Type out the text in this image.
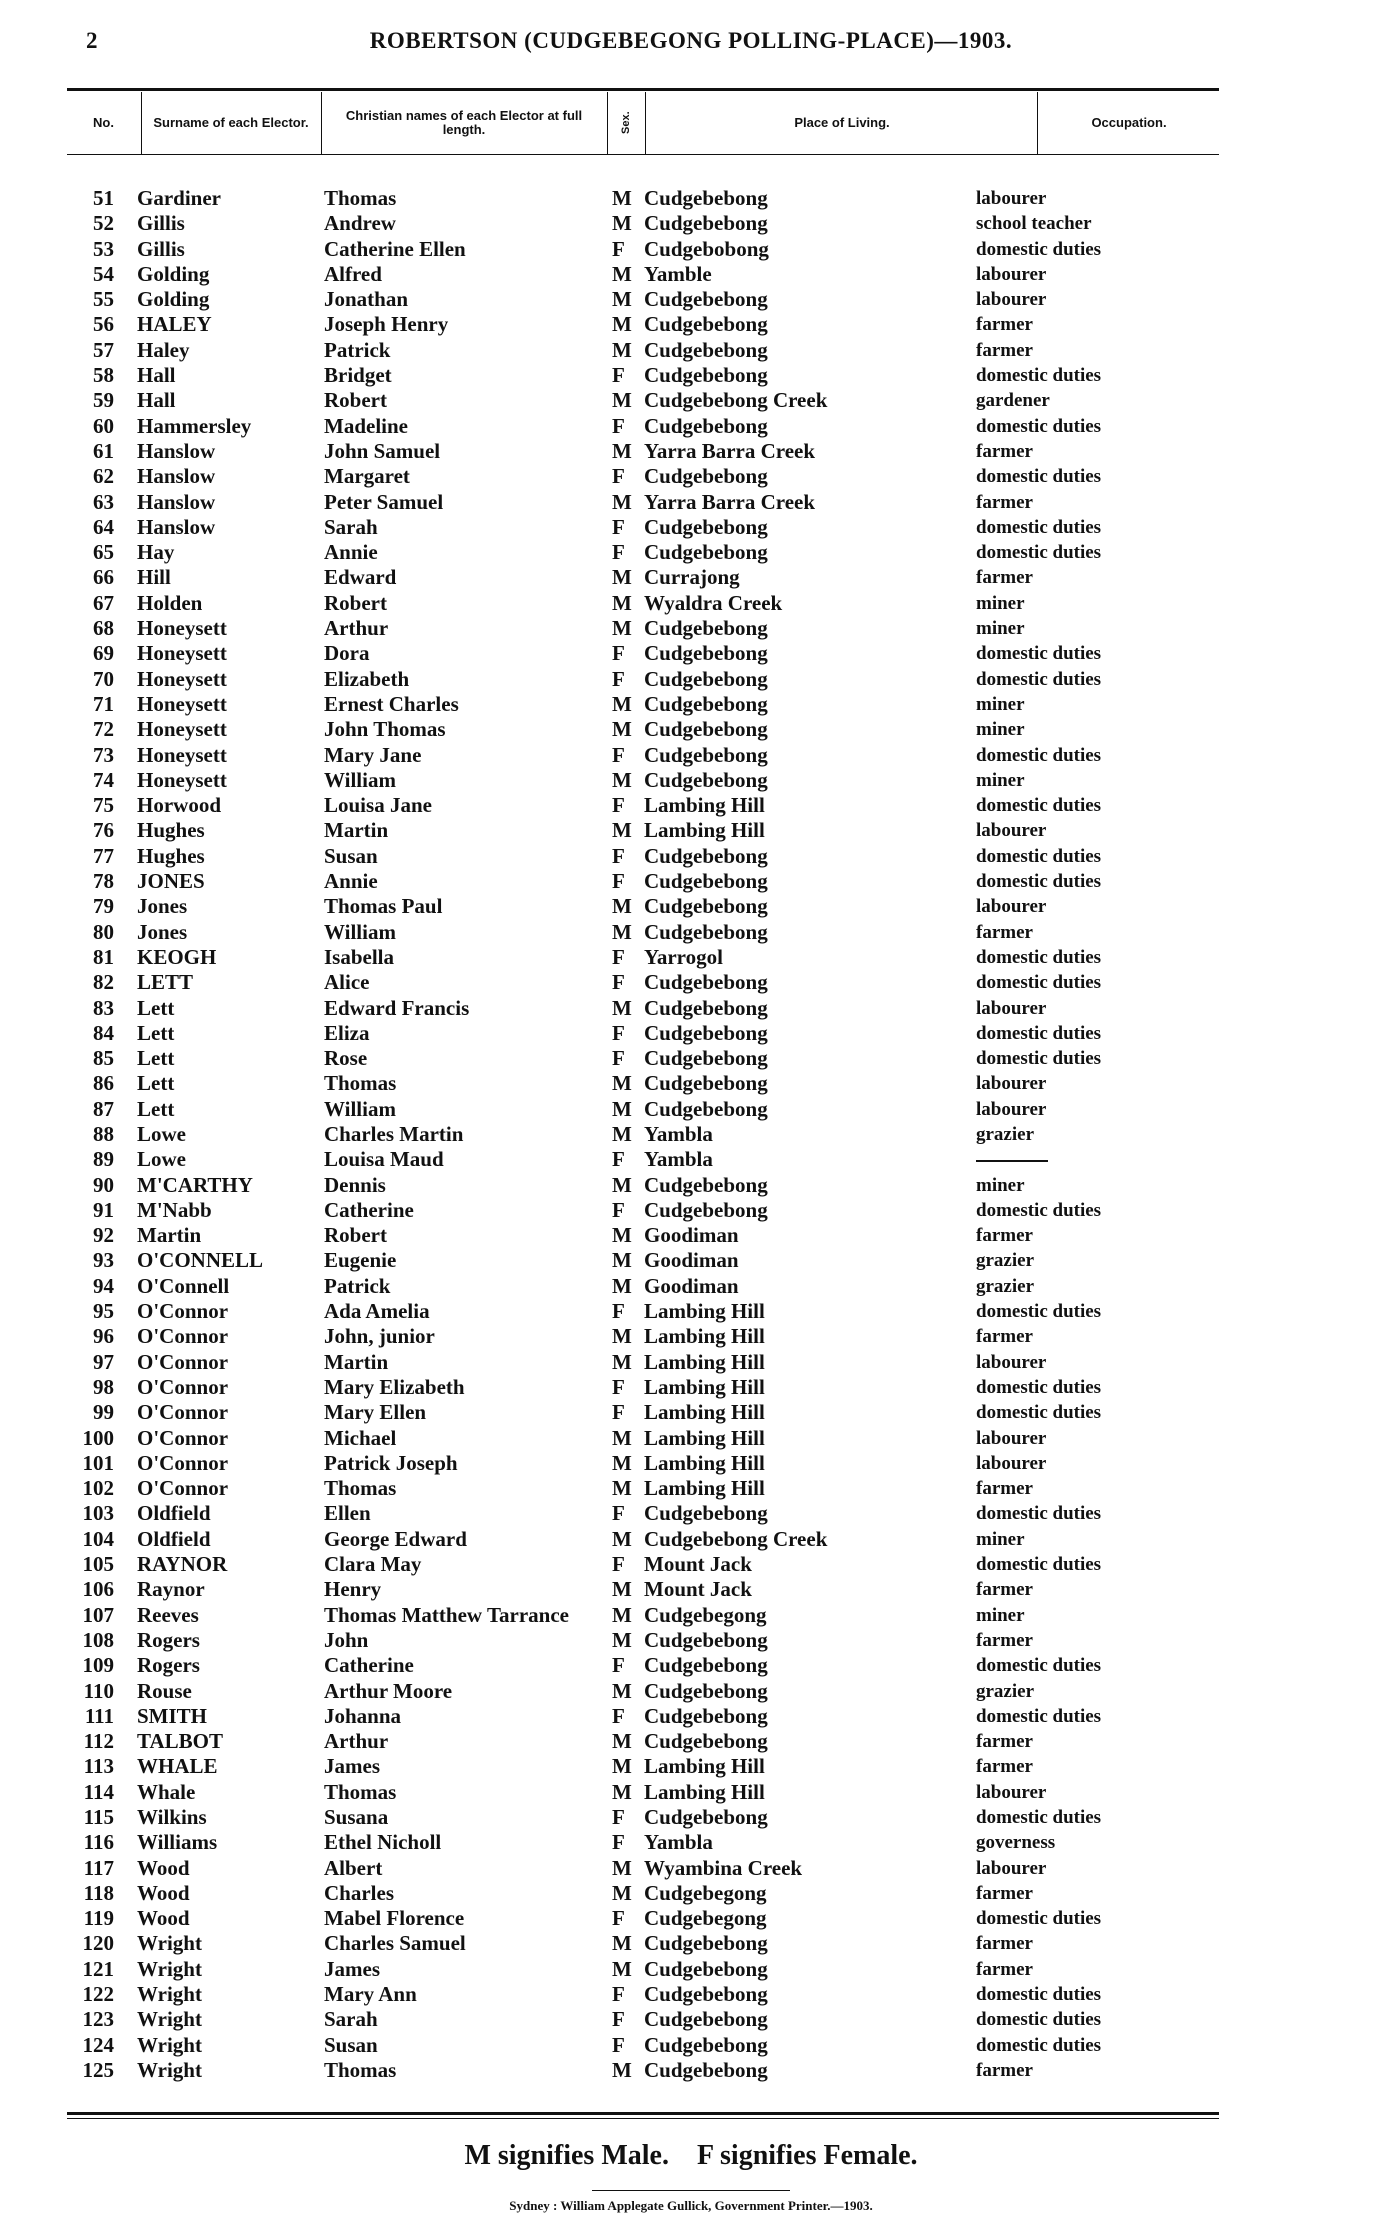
2	ROBERTSON (CUDGEBEGONG POLLING-PLACE)—1903.
No.	Surname of each Elector.	Christian names of each Elector at full length.	Sex.	Place of Living.	Occupation.
51 Gardiner	Thomas	M Cudgebebong	labourer
52 Gillis	Andrew	M Cudgebebong	school teacher
53 Gillis	Catherine Ellen	F Cudgebobong	domestic duties
54 Golding	Alfred	M Yamble	labourer
55 Golding	Jonathan	M Cudgebebong	labourer
56 HALEY	Joseph Henry	M Cudgebebong	farmer
57 Haley	Patrick	M Cudgebebong	farmer
58 Hall	Bridget	F Cudgebebong	domestic duties
59 Hall	Robert	M Cudgebebong Creek	gardener
60 Hammersley	Madeline	F Cudgebebong	domestic duties
61 Hanslow	John Samuel	M Yarra Barra Creek	farmer
62 Hanslow	Margaret	F Cudgebebong	domestic duties
63 Hanslow	Peter Samuel	M Yarra Barra Creek	farmer
64 Hanslow	Sarah	F Cudgebebong	domestic duties
65 Hay	Annie	F Cudgebebong	domestic duties
66 Hill	Edward	M Currajong	farmer
67 Holden	Robert	M Wyaldra Creek	miner
68 Honeysett	Arthur	M Cudgebebong	miner
69 Honeysett	Dora	F Cudgebebong	domestic duties
70 Honeysett	Elizabeth	F Cudgebebong	domestic duties
71 Honeysett	Ernest Charles	M Cudgebebong	miner
72 Honeysett	John Thomas	M Cudgebebong	miner
73 Honeysett	Mary Jane	F Cudgebebong	domestic duties
74 Honeysett	William	M Cudgebebong	miner
75 Horwood	Louisa Jane	F Lambing Hill	domestic duties
76 Hughes	Martin	M Lambing Hill	labourer
77 Hughes	Susan	F Cudgebebong	domestic duties
78 JONES	Annie	F Cudgebebong	domestic duties
79 Jones	Thomas Paul	M Cudgebebong	labourer
80 Jones	William	M Cudgebebong	farmer
81 KEOGH	Isabella	F Yarrogol	domestic duties
82 LETT	Alice	F Cudgebebong	domestic duties
83 Lett	Edward Francis	M Cudgebebong	labourer
84 Lett	Eliza	F Cudgebebong	domestic duties
85 Lett	Rose	F Cudgebebong	domestic duties
86 Lett	Thomas	M Cudgebebong	labourer
87 Lett	William	M Cudgebebong	labourer
88 Lowe	Charles Martin	M Yambla	grazier
89 Lowe	Louisa Maud	F Yambla
90 M'CARTHY	Dennis	M Cudgebebong	miner
91 M'Nabb	Catherine	F Cudgebebong	domestic duties
92 Martin	Robert	M Goodiman	farmer
93 O'CONNELL	Eugenie	M Goodiman	grazier
94 O'Connell	Patrick	M Goodiman	grazier
95 O'Connor	Ada Amelia	F Lambing Hill	domestic duties
96 O'Connor	John, junior	M Lambing Hill	farmer
97 O'Connor	Martin	M Lambing Hill	labourer
98 O'Connor	Mary Elizabeth	F Lambing Hill	domestic duties
99 O'Connor	Mary Ellen	F Lambing Hill	domestic duties
100 O'Connor	Michael	M Lambing Hill	labourer
101 O'Connor	Patrick Joseph	M Lambing Hill	labourer
102 O'Connor	Thomas	M Lambing Hill	farmer
103 Oldfield	Ellen	F Cudgebebong	domestic duties
104 Oldfield	George Edward	M Cudgebebong Creek	miner
105 RAYNOR	Clara May	F Mount Jack	domestic duties
106 Raynor	Henry	M Mount Jack	farmer
107 Reeves	Thomas Matthew Tarrance M Cudgebegong	miner
108 Rogers	John	M Cudgebebong	farmer
109 Rogers	Catherine	F Cudgebebong	domestic duties
110 Rouse	Arthur Moore	M Cudgebebong	grazier
111 SMITH	Johanna	F Cudgebebong	domestic duties
112 TALBOT	Arthur	M Cudgebebong	farmer
113 WHALE	James	M Lambing Hill	farmer
114 Whale	Thomas	M Lambing Hill	labourer
115 Wilkins	Susana	F Cudgebebong	domestic duties
116 Williams	Ethel Nicholl	F Yambla	governess
117 Wood	Albert	M Wyambina Creek	labourer
118 Wood	Charles	M Cudgebegong	farmer
119 Wood	Mabel Florence	F Cudgebegong	domestic duties
120 Wright	Charles Samuel	M Cudgebebong	farmer
121 Wright	James	M Cudgebebong	farmer
122 Wright	Mary Ann	F Cudgebebong	domestic duties
123 Wright	Sarah	F Cudgebebong	domestic duties
124 Wright	Susan	F Cudgebebong	domestic duties
125 Wright	Thomas	M Cudgebebong	farmer
M signifies Male.    F signifies Female.
Sydney : William Applegate Gullick, Government Printer.—1903.
